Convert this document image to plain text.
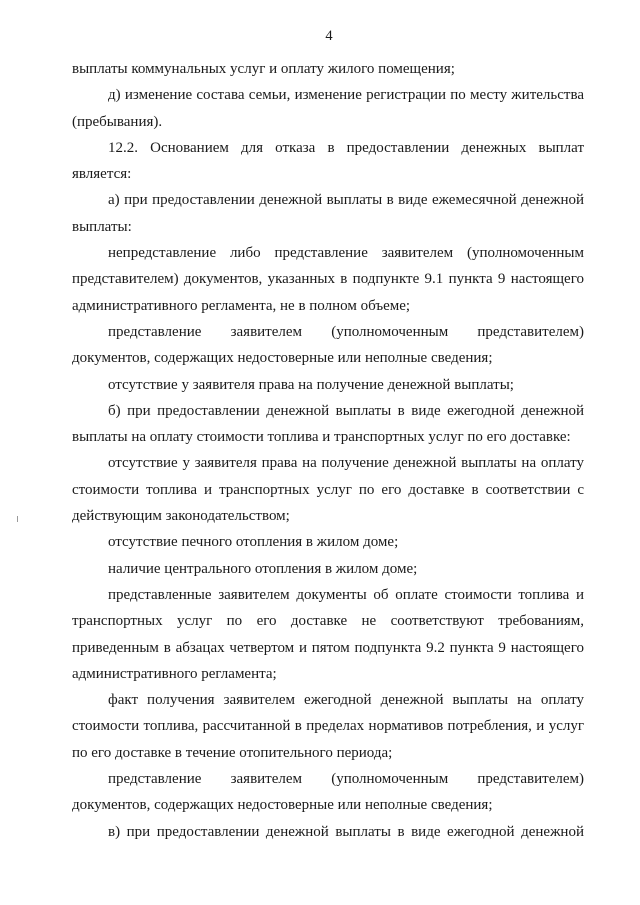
4

выплаты коммунальных услуг и оплату жилого помещения;

д) изменение состава семьи, изменение регистрации по месту жительства (пребывания).

12.2. Основанием для отказа в предоставлении денежных выплат является:

а) при предоставлении денежной выплаты в виде ежемесячной денежной выплаты:

непредставление либо представление заявителем (уполномоченным представителем) документов, указанных в подпункте 9.1 пункта 9 настоящего административного регламента, не в полном объеме;

представление заявителем (уполномоченным представителем) документов, содержащих недостоверные или неполные сведения;

отсутствие у заявителя права на получение денежной выплаты;

б) при предоставлении денежной выплаты в виде ежегодной денежной выплаты на оплату стоимости топлива и транспортных услуг по его доставке:

отсутствие у заявителя права на получение денежной выплаты на оплату стоимости топлива и транспортных услуг по его доставке в соответствии с действующим законодательством;

отсутствие печного отопления в жилом доме;

наличие центрального отопления в жилом доме;

представленные заявителем документы об оплате стоимости топлива и транспортных услуг по его доставке не соответствуют требованиям, приведенным в абзацах четвертом и пятом подпункта 9.2 пункта 9 настоящего административного регламента;

факт получения заявителем ежегодной денежной выплаты на оплату стоимости топлива, рассчитанной в пределах нормативов потребления, и услуг по его доставке в течение отопительного периода;

представление заявителем (уполномоченным представителем) документов, содержащих недостоверные или неполные сведения;

в) при предоставлении денежной выплаты в виде ежегодной денежной
